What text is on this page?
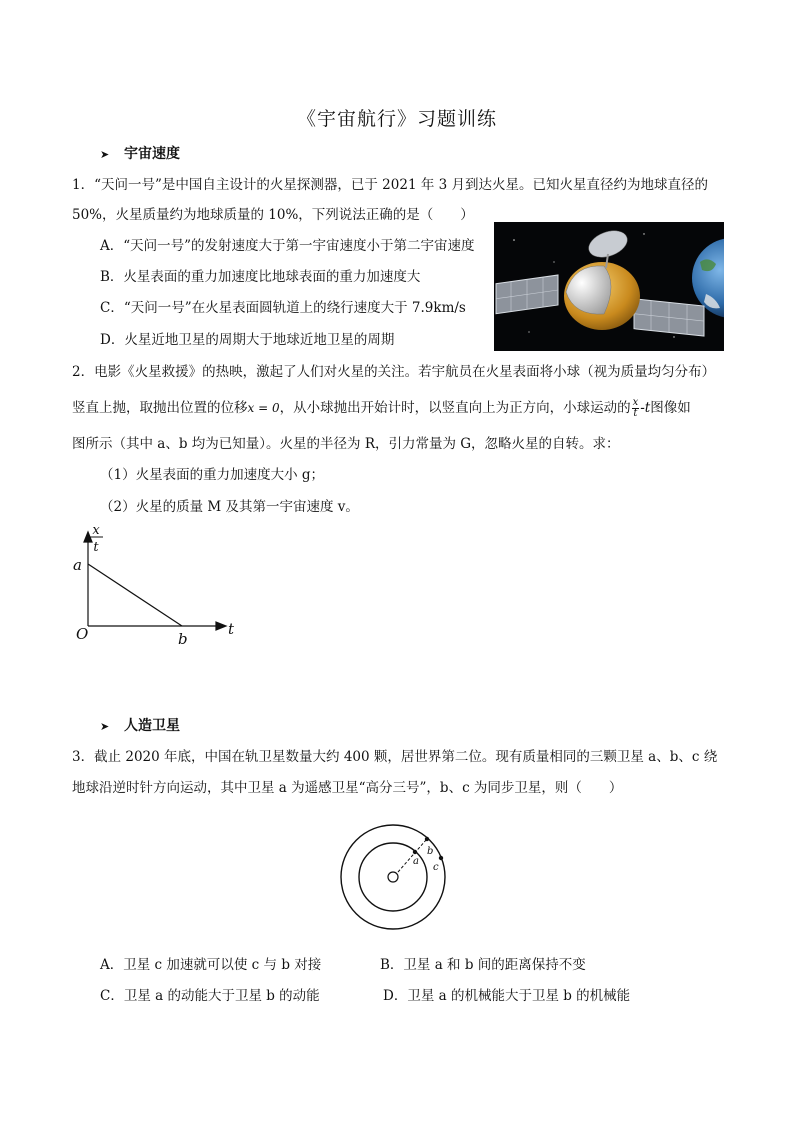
《宇宙航行》习题训练
➤ 宇宙速度
1．“天问一号”是中国自主设计的火星探测器，已于 2021 年 3 月到达火星。已知火星直径约为地球直径的
50%，火星质量约为地球质量的 10%，下列说法正确的是（　　）
A．“天问一号”的发射速度大于第一宇宙速度小于第二宇宙速度
B．火星表面的重力加速度比地球表面的重力加速度大
C．“天问一号”在火星表面圆轨道上的绕行速度大于 7.9km/s
D．火星近地卫星的周期大于地球近地卫星的周期
2．电影《火星救援》的热映，激起了人们对火星的关注。若宇航员在火星表面将小球（视为质量均匀分布）
竖直上抛，取抛出位置的位移x = 0，从小球抛出开始计时，以竖直向上为正方向，小球运动的 $\frac{x}{t} -t$图像如
图所示（其中 a、b 均为已知量）。火星的半径为 R，引力常量为 G，忽略火星的自转。求：
（1）火星表面的重力加速度大小 g；
（2）火星的质量 M 及其第一宇宙速度 v。
x
t
a
b
O	t
➤ 人造卫星
3．截止 2020 年底，中国在轨卫星数量大约 400 颗，居世界第二位。现有质量相同的三颗卫星 a、b、c 绕
地球沿逆时针方向运动，其中卫星 a 为遥感卫星“高分三号”，b、c 为同步卫星，则（　　）
a
b
c
A．卫星 c 加速就可以使 c 与 b 对接	B．卫星 a 和 b 间的距离保持不变
C．卫星 a 的动能大于卫星 b 的动能	D．卫星 a 的机械能大于卫星 b 的机械能
